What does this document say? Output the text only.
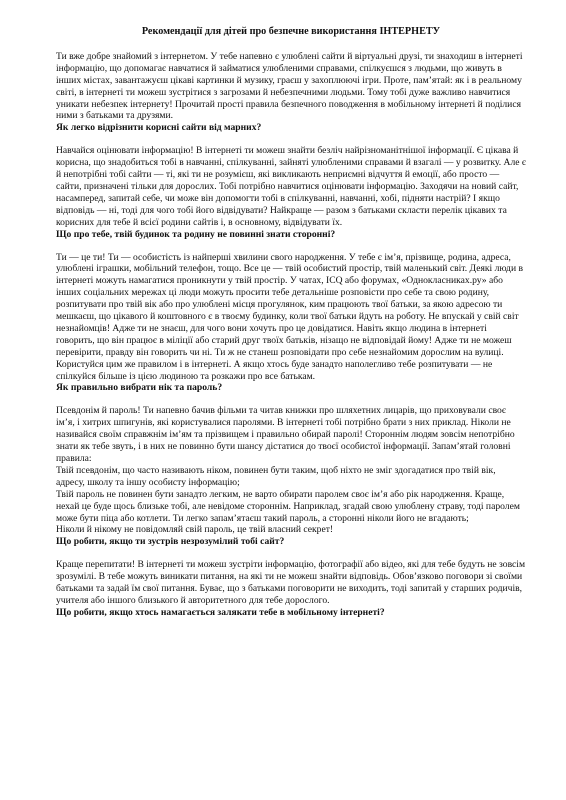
Рекомендації для дітей про безпечне використання ІНТЕРНЕТУ

Ти вже добре знайомий з інтернетом. У тебе напевно є улюблені сайти й віртуальні друзі, ти знаходиш в інтернеті інформацію, що допомагає навчатися й займатися улюбленими справами, спілкуєшся з людьми, що живуть в інших містах, завантажуєш цікаві картинки й музику, граєш у захоплюючі ігри. Проте, пам’ятай: як і в реальному світі, в інтернеті ти можеш зустрітися з загрозами й небезпечними людьми. Тому тобі дуже важливо навчитися уникати небезпек інтернету! Прочитай прості правила безпечного поводження в мобільному інтернеті й поділися ними з батьками та друзями.

Як легко відрізнити корисні сайти від марних?

Навчайся оцінювати інформацію! В інтернеті ти можеш знайти безліч найрізноманітнішої інформації. Є цікава й корисна, що знадобиться тобі в навчанні, спілкуванні, зайняті улюбленими справами й взагалі — у розвитку. Але є й непотрібні тобі сайти — ті, які ти не розумієш, які викликають неприємні відчуття й емоції, або просто — сайти, призначені тільки для дорослих. Тобі потрібно навчитися оцінювати інформацію. Заходячи на новий сайт, насамперед, запитай себе, чи може він допомогти тобі в спілкуванні, навчанні, хобі, підняти настрій? І якщо відповідь — ні, тоді для чого тобі його відвідувати? Найкраще — разом з батьками скласти перелік цікавих та корисних для тебе й всієї родини сайтів і, в основному, відвідувати їх.

Що про тебе, твій будинок та родину не повинні знати сторонні?

Ти — це ти! Ти — особистість із найперші хвилини свого народження. У тебе є ім’я, прізвище, родина, адреса, улюблені іграшки, мобільний телефон, тощо. Все це — твій особистий простір, твій маленький світ. Деякі люди в інтернеті можуть намагатися проникнути у твій простір. У чатах, ICQ або форумах, «Однокласниках.ру» або інших соціальних мережах ці люди можуть просити тебе детальніше розповісти про себе та свою родину, розпитувати про твій вік або про улюблені місця прогулянок, ким працюють твої батьки, за якою адресою ти мешкаєш, що цікавого й коштовного є в твоєму будинку, коли твої батьки йдуть на роботу. Не впускай у свій світ незнайомців! Адже ти не знаєш, для чого вони хочуть про це довідатися. Навіть якщо людина в інтернеті говорить, що він працює в міліції або старий друг твоїх батьків, нізащо не відповідай йому! Адже ти не можеш перевірити, правду він говорить чи ні. Ти ж не станеш розповідати про себе незнайомим дорослим на вулиці. Користуйся цим же правилом і в інтернеті. А якщо хтось буде занадто наполегливо тебе розпитувати — не спілкуйся більше із цією людиною та розкажи про все батькам.

Як правильно вибрати нік та пароль?

Псевдонім й пароль! Ти напевно бачив фільми та читав книжки про шляхетних лицарів, що приховували своє ім’я, і хитрих шпигунів, які користувалися паролями. В інтернеті тобі потрібно брати з них приклад. Ніколи не називайся своїм справжнім ім’ям та прізвищем і правильно обирай паролі! Стороннім людям зовсім непотрібно знати як тебе звуть, і в них не повинно бути шансу дістатися до твоєї особистої інформації. Запам’ятай головні правила:

Твій псевдонім, що часто називають ніком, повинен бути таким, щоб ніхто не зміг здогадатися про твій вік, адресу, школу та іншу особисту інформацію;

Твій пароль не повинен бути занадто легким, не варто обирати паролем своє ім’я або рік народження. Краще, нехай це буде щось близьке тобі, але невідоме стороннім. Наприклад, згадай свою улюблену страву, тоді паролем може бути піца або котлети. Ти легко запам’ятаєш такий пароль, а сторонні ніколи його не вгадають;

Ніколи й нікому не повідомляй свій пароль, це твій власний секрет!

Що робити, якщо ти зустрів незрозумілий тобі сайт?

Краще перепитати! В інтернеті ти можеш зустріти інформацію, фотографії або відео, які для тебе будуть не зовсім зрозумілі. В тебе можуть виникати питання, на які ти не можеш знайти відповідь. Обов’язково поговори зі своїми батьками та задай їм свої питання. Буває, що з батьками поговорити не виходить, тоді запитай у старших родичів, учителя або іншого близького й авторитетного для тебе дорослого.

Що робити, якщо хтось намагається залякати тебе в мобільному інтернеті?
